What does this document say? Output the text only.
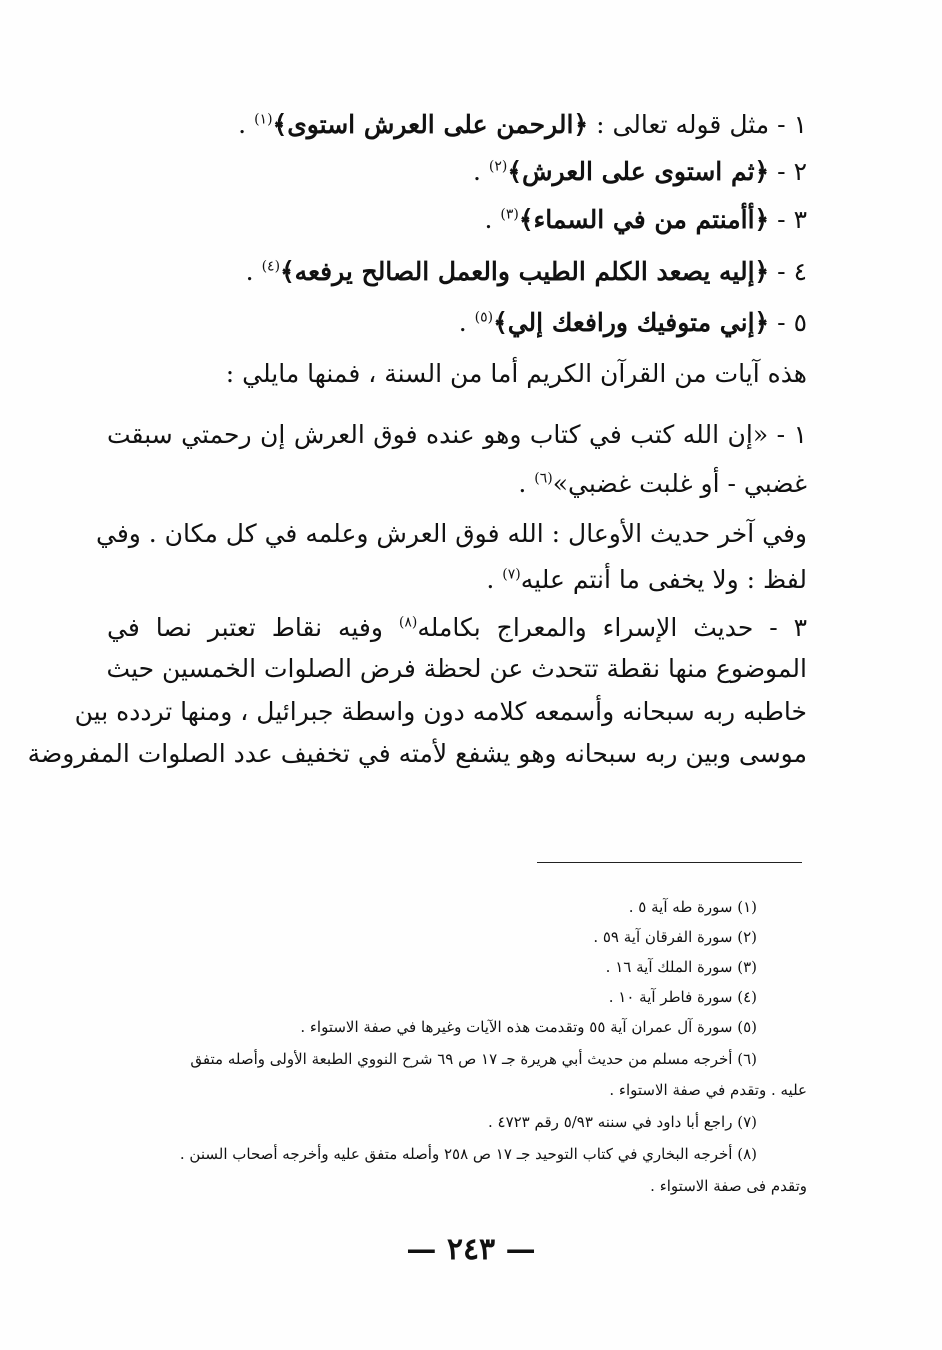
١ - مثل قوله تعالى : ﴿الرحمن على العرش استوى﴾$^{(١)}$ .
٢ - ﴿ثم استوى على العرش﴾$^{(٢)}$ .
٣ - ﴿أأمنتم من في السماء﴾$^{(٣)}$ .
٤ - ﴿إليه يصعد الكلم الطيب والعمل الصالح يرفعه﴾$^{(٤)}$ .
٥ - ﴿إني متوفيك ورافعك إلي﴾$^{(٥)}$ .
هذه آيات من القرآن الكريم أما من السنة ، فمنها مايلي :
١ - «إن الله كتب في كتاب وهو عنده فوق العرش إن رحمتي سبقت
غضبي - أو غلبت غضبي»$^{(٦)}$ .
وفي آخر حديث الأوعال : الله فوق العرش وعلمه في كل مكان . وفي
لفظ : ولا يخفى ما أنتم عليه$^{(٧)}$ .
٣ - حديث الإسراء والمعراج بكامله$^{(٨)}$ وفيه نقاط تعتبر نصا في
الموضوع منها نقطة تتحدث عن لحظة فرض الصلوات الخمسين حيث
خاطبه ربه سبحانه وأسمعه كلامه دون واسطة جبرائيل ، ومنها تردده بين
موسى وبين ربه سبحانه وهو يشفع لأمته في تخفيف عدد الصلوات المفروضة
(١) سورة طه آية ٥ .
(٢) سورة الفرقان آية ٥٩ .
(٣) سورة الملك آية ١٦ .
(٤) سورة فاطر آية ١٠ .
(٥) سورة آل عمران آية ٥٥ وتقدمت هذه الآيات وغيرها في صفة الاستواء .
(٦) أخرجه مسلم من حديث أبي هريرة جـ ١٧ ص ٦٩ شرح النووي الطبعة الأولى وأصله متفق
عليه . وتقدم في صفة الاستواء .
(٧) راجع أبا داود في سننه ٥/٩٣ رقم ٤٧٢٣ .
(٨) أخرجه البخاري في كتاب التوحيد جـ ١٧ ص ٢٥٨ وأصله متفق عليه وأخرجه أصحاب السنن .
وتقدم فى صفة الاستواء .
— ٢٤٣ —
